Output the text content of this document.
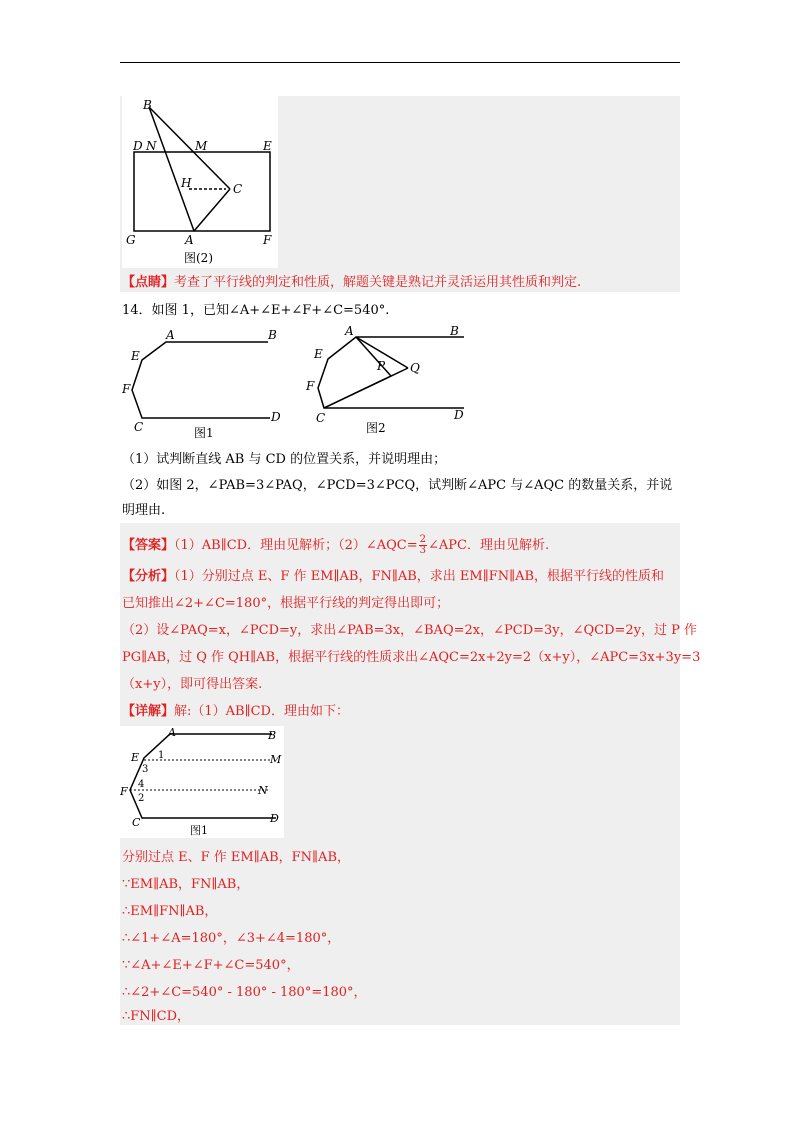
B
D N	M	E
H	C
G	A	F
图(2)
【点睛】考查了平行线的判定和性质，解题关键是熟记并灵活运用其性质和判定.
14．如图 1，已知∠A+∠E+∠F+∠C=540°.
A	B
E
F
C
D
图1
A	B
E
F
C	D
P Q
图2
（1）试判断直线 AB 与 CD 的位置关系，并说明理由；
（2）如图 2，∠PAB=3∠PAQ，∠PCD=3∠PCQ，试判断∠APC 与∠AQC 的数量关系，并说
明理由.
【答案】（1）AB∥CD．理由见解析；（2）∠AQC= $\frac{2}{3}$ ∠APC．理由见解析.
【分析】（1）分别过点 E、F 作 EM∥AB，FN∥AB，求出 EM∥FN∥AB，根据平行线的性质和
已知推出∠2+∠C=180°，根据平行线的判定得出即可；
（2）设∠PAQ=x，∠PCD=y，求出∠PAB=3x，∠BAQ=2x，∠PCD=3y，∠QCD=2y，过 P 作
PG∥AB，过 Q 作 QH∥AB，根据平行线的性质求出∠AQC=2x+2y=2（x+y），∠APC=3x+3y=3
（x+y），即可得出答案.
【详解】解:（1）AB∥CD．理由如下：
A	B
E	M
F	N
C	D
1
3
4
2
图1
分别过点 E、F 作 EM∥AB，FN∥AB，
∵EM∥AB，FN∥AB，
∴EM∥FN∥AB，
∴∠1+∠A=180°，∠3+∠4=180°，
∵∠A+∠E+∠F+∠C=540°，
∴∠2+∠C=540° - 180° - 180°=180°，
∴FN∥CD，
